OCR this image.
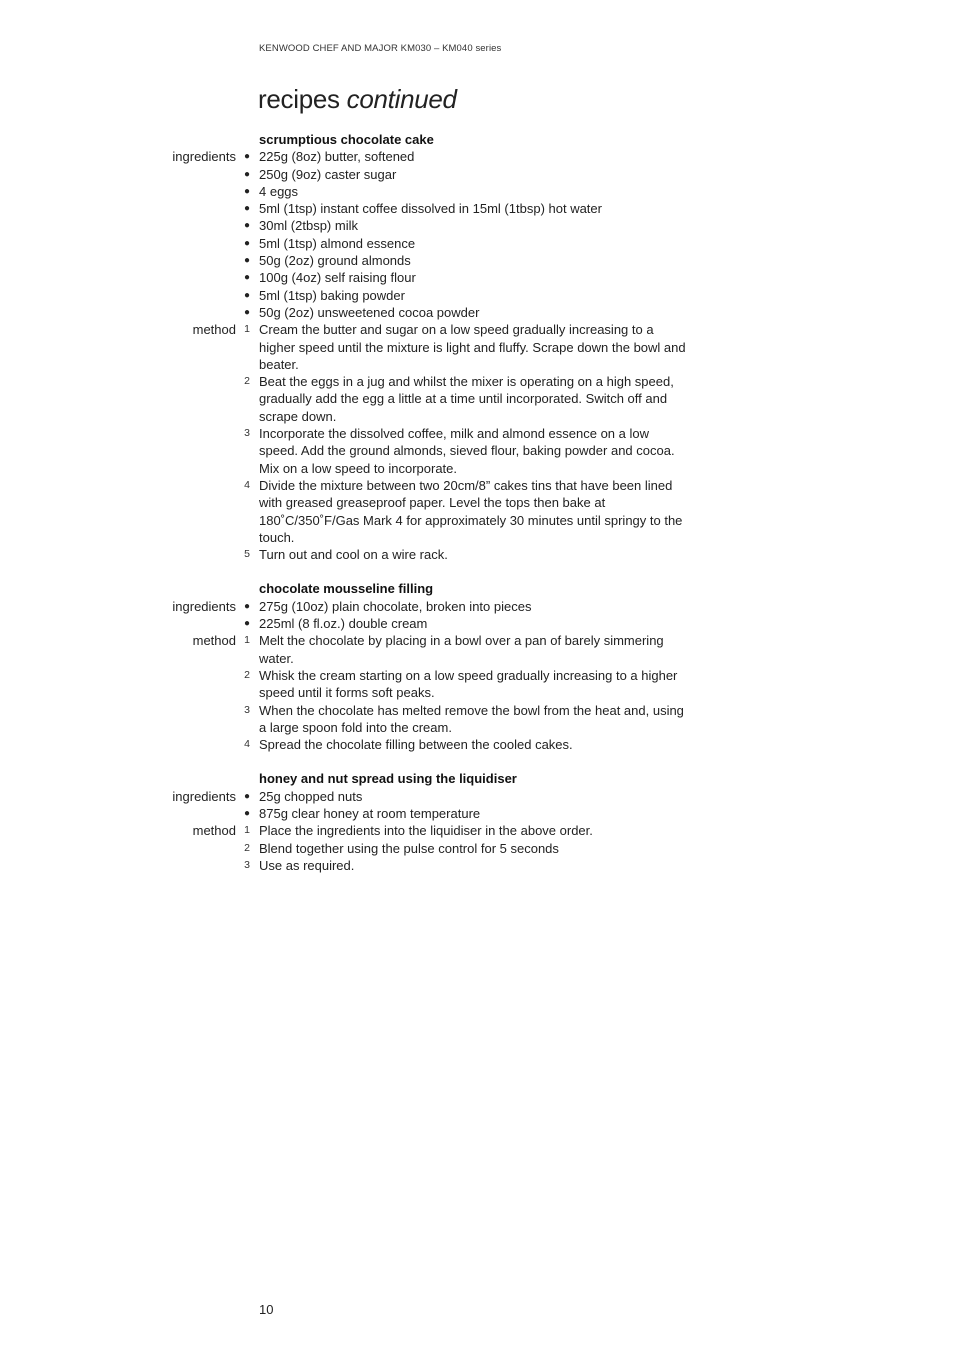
KENWOOD CHEF AND MAJOR KM030 – KM040 series
recipes continued
scrumptious chocolate cake
ingredients ● 225g (8oz) butter, softened
● 250g (9oz) caster sugar
● 4 eggs
● 5ml (1tsp) instant coffee dissolved in 15ml (1tbsp) hot water
● 30ml (2tbsp) milk
● 5ml (1tsp) almond essence
● 50g (2oz) ground almonds
● 100g (4oz) self raising flour
● 5ml (1tsp) baking powder
● 50g (2oz) unsweetened cocoa powder
method 1 Cream the butter and sugar on a low speed gradually increasing to a higher speed until the mixture is light and fluffy. Scrape down the bowl and beater.
2 Beat the eggs in a jug and whilst the mixer is operating on a high speed, gradually add the egg a little at a time until incorporated. Switch off and scrape down.
3 Incorporate the dissolved coffee, milk and almond essence on a low speed. Add the ground almonds, sieved flour, baking powder and cocoa. Mix on a low speed to incorporate.
4 Divide the mixture between two 20cm/8” cakes tins that have been lined with greased greaseproof paper. Level the tops then bake at 180˚C/350˚F/Gas Mark 4 for approximately 30 minutes until springy to the touch.
5 Turn out and cool on a wire rack.
chocolate mousseline filling
ingredients ● 275g (10oz) plain chocolate, broken into pieces
● 225ml (8 fl.oz.) double cream
method 1 Melt the chocolate by placing in a bowl over a pan of barely simmering water.
2 Whisk the cream starting on a low speed gradually increasing to a higher speed until it forms soft peaks.
3 When the chocolate has melted remove the bowl from the heat and, using a large spoon fold into the cream.
4 Spread the chocolate filling between the cooled cakes.
honey and nut spread using the liquidiser
ingredients ● 25g chopped nuts
● 875g clear honey at room temperature
method 1 Place the ingredients into the liquidiser in the above order.
2 Blend together using the pulse control for 5 seconds
3 Use as required.
10
